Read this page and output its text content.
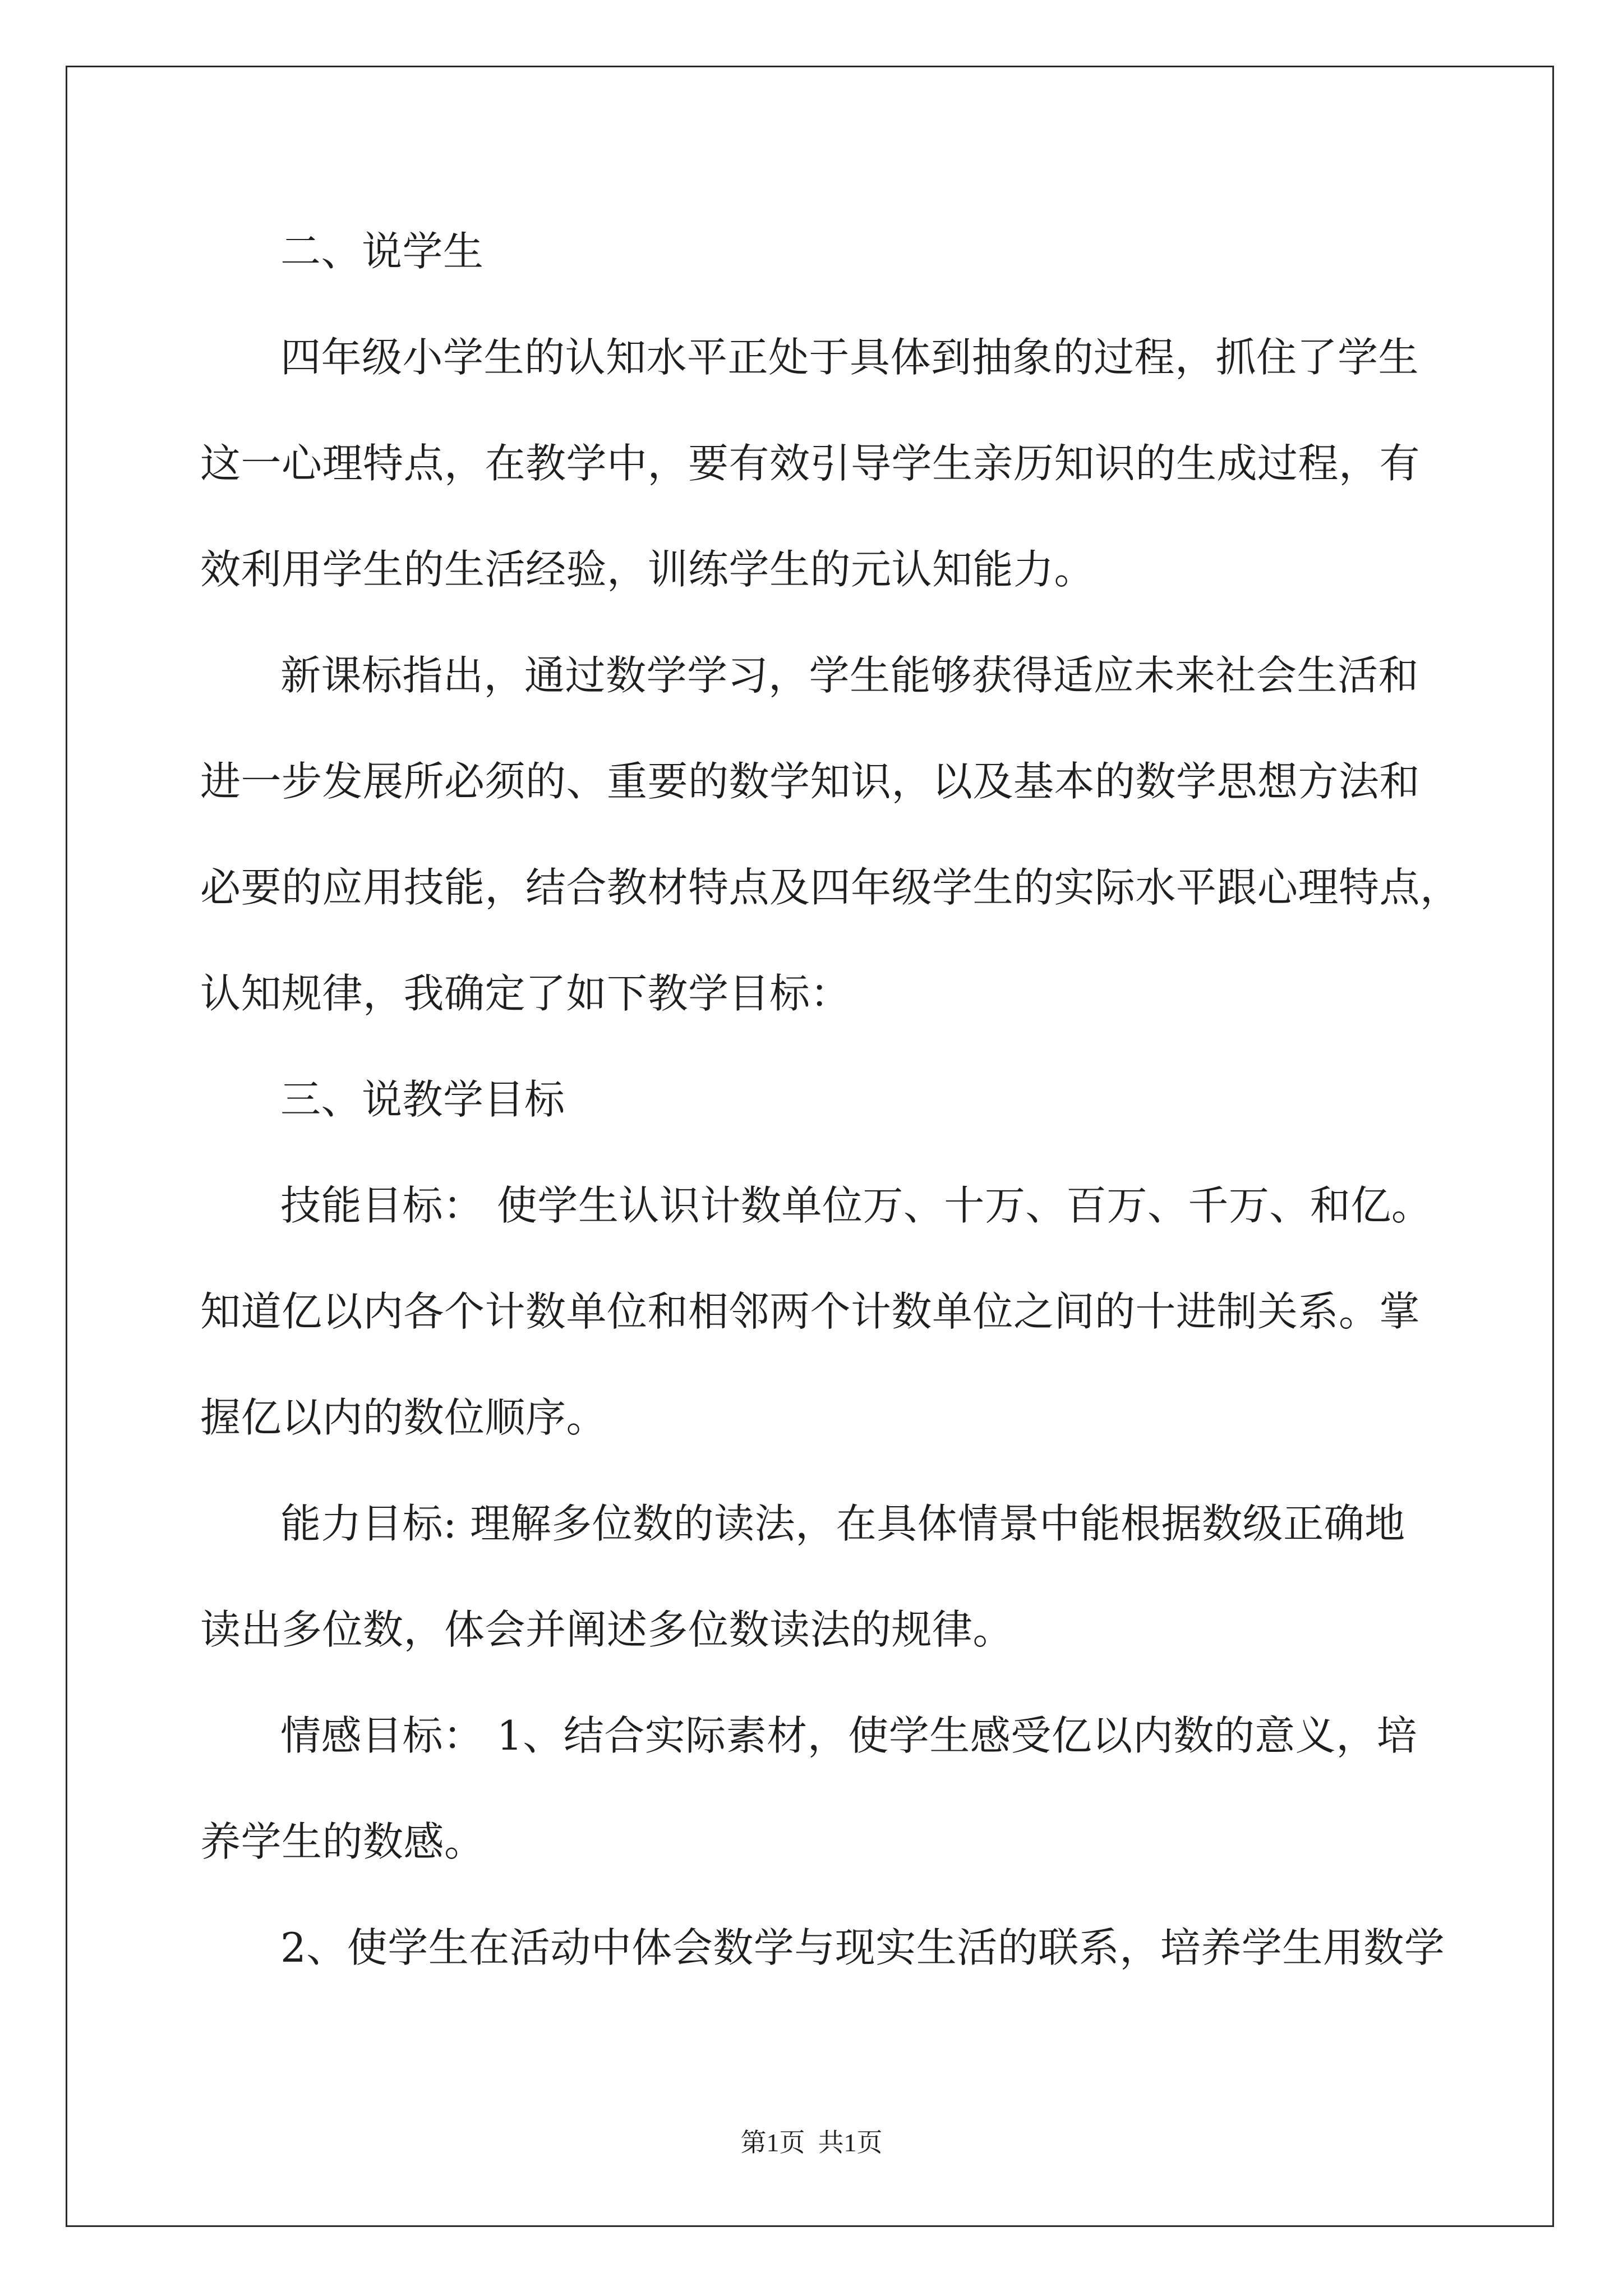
二、说学生
四年级小学生的认知水平正处于具体到抽象的过程，抓住了学生
这一心理特点，在教学中，要有效引导学生亲历知识的生成过程，有
效利用学生的生活经验，训练学生的元认知能力。
新课标指出，通过数学学习，学生能够获得适应未来社会生活和
进一步发展所必须的、重要的数学知识，以及基本的数学思想方法和
必要的应用技能，结合教材特点及四年级学生的实际水平跟心理特点，
认知规律，我确定了如下教学目标：
三、说教学目标
技能目标： 使学生认识计数单位万、十万、百万、千万、和亿。
知道亿以内各个计数单位和相邻两个计数单位之间的十进制关系。掌
握亿以内的数位顺序。
能力目标: 理解多位数的读法，在具体情景中能根据数级正确地
读出多位数，体会并阐述多位数读法的规律。
情感目标： 1、结合实际素材，使学生感受亿以内数的意义，培
养学生的数感。
2、使学生在活动中体会数学与现实生活的联系，培养学生用数学
第1页  共1页
